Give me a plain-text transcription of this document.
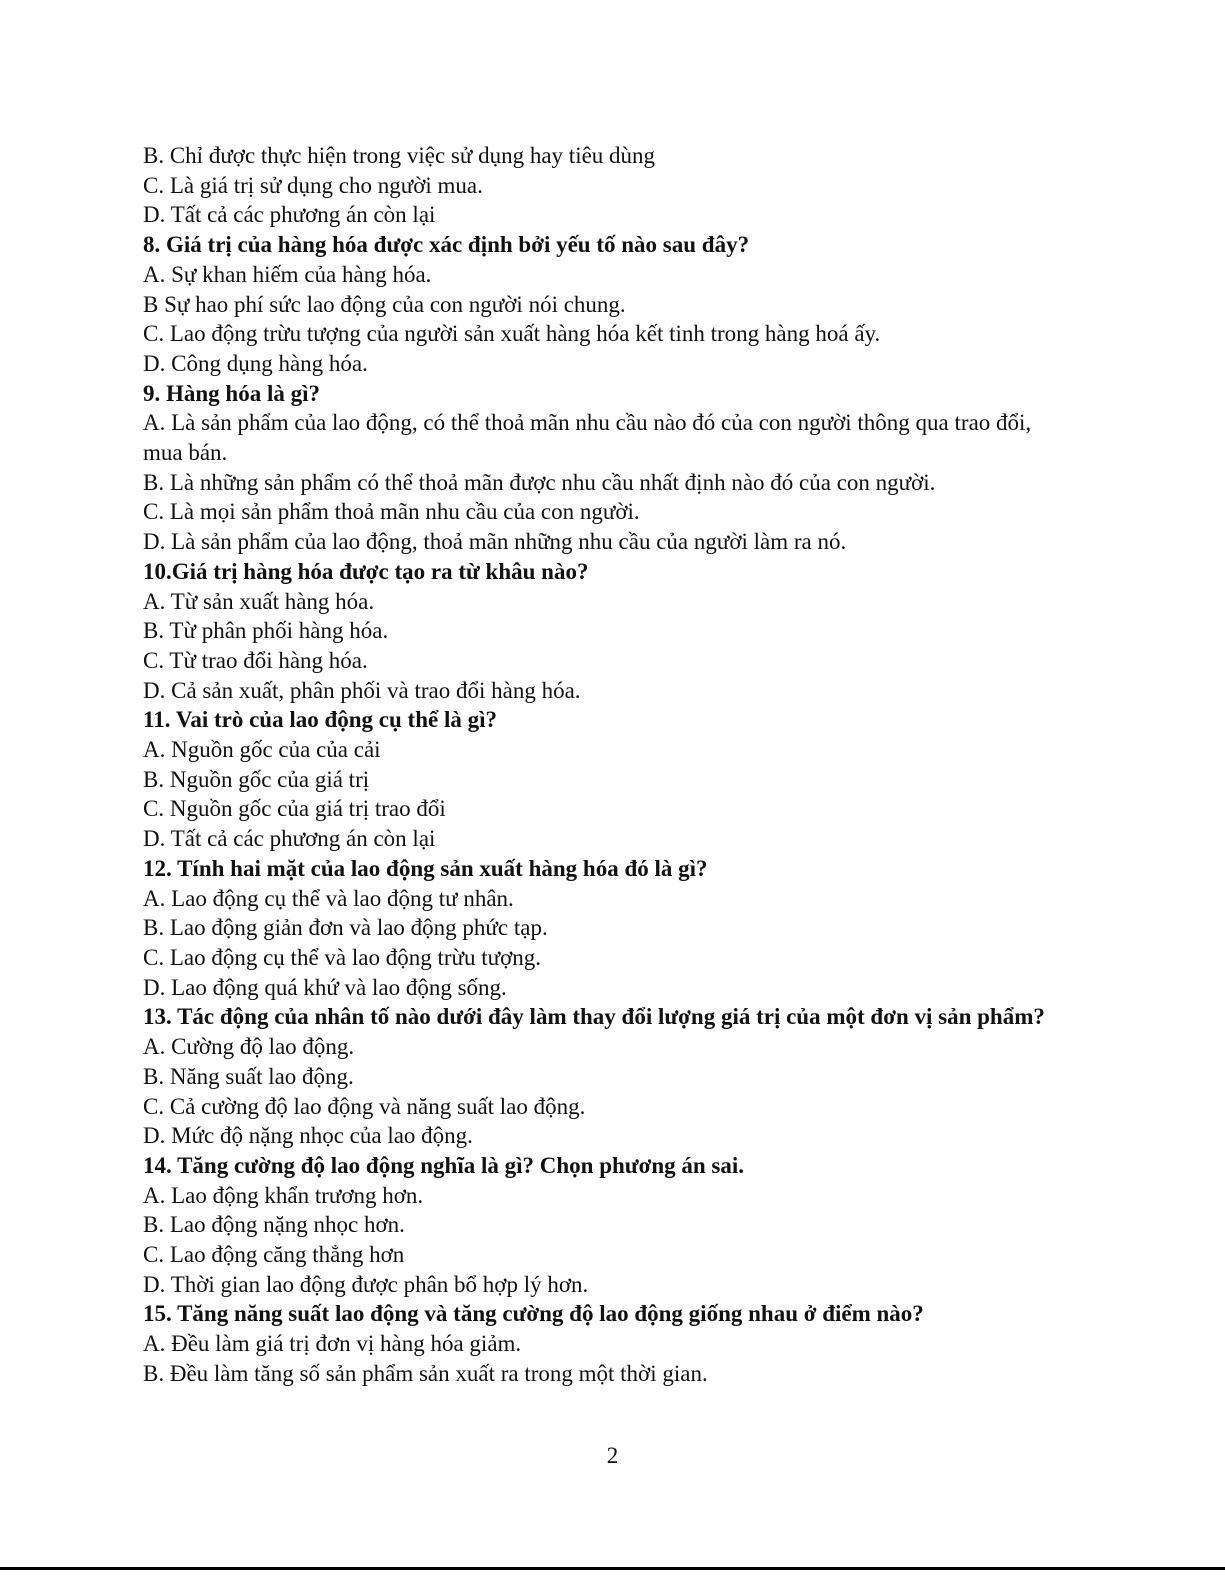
B. Chỉ được thực hiện trong việc sử dụng hay tiêu dùng

C. Là giá trị sử dụng cho người mua.

D. Tất cả các phương án còn lại

8. Giá trị của hàng hóa được xác định bởi yếu tố nào sau đây?

A. Sự khan hiếm của hàng hóa.

B Sự hao phí sức lao động của con người nói chung.

C. Lao động trừu tượng của người sản xuất hàng hóa kết tinh trong hàng hoá ấy.

D. Công dụng hàng hóa.

9. Hàng hóa là gì?

A. Là sản phẩm của lao động, có thể thoả mãn nhu cầu nào đó của con người thông qua trao đổi, mua bán.

B. Là những sản phẩm có thể thoả mãn được nhu cầu nhất định nào đó của con người.

C. Là mọi sản phẩm thoả mãn nhu cầu của con người.

D. Là sản phẩm của lao động, thoả mãn những nhu cầu của người làm ra nó.

10.Giá trị hàng hóa được tạo ra từ khâu nào?

A. Từ sản xuất hàng hóa.

B. Từ phân phối hàng hóa.

C. Từ trao đổi hàng hóa.

D. Cả sản xuất, phân phối và trao đổi hàng hóa.

11. Vai trò của lao động cụ thể là gì?

A. Nguồn gốc của của cải

B. Nguồn gốc của giá trị

C. Nguồn gốc của giá trị trao đổi

D. Tất cả các phương án còn lại

12. Tính hai mặt của lao động sản xuất hàng hóa đó là gì?

A. Lao động cụ thể và lao động tư nhân.

B. Lao động giản đơn và lao động phức tạp.

C. Lao động cụ thể và lao động trừu tượng.

D. Lao động quá khứ và lao động sống.

13. Tác động của nhân tố nào dưới đây làm thay đổi lượng giá trị của một đơn vị sản phẩm?

A. Cường độ lao động.

B. Năng suất lao động.

C. Cả cường độ lao động và năng suất lao động.

D. Mức độ nặng nhọc của lao động.

14. Tăng cường độ lao động nghĩa là gì? Chọn phương án sai.

A. Lao động khẩn trương hơn.

B. Lao động nặng nhọc hơn.

C. Lao động căng thẳng hơn

D. Thời gian lao động được phân bổ hợp lý hơn.

15. Tăng năng suất lao động và tăng cường độ lao động giống nhau ở điểm nào?

A. Đều làm giá trị đơn vị hàng hóa giảm.

B. Đều làm tăng số sản phẩm sản xuất ra trong một thời gian.

2
